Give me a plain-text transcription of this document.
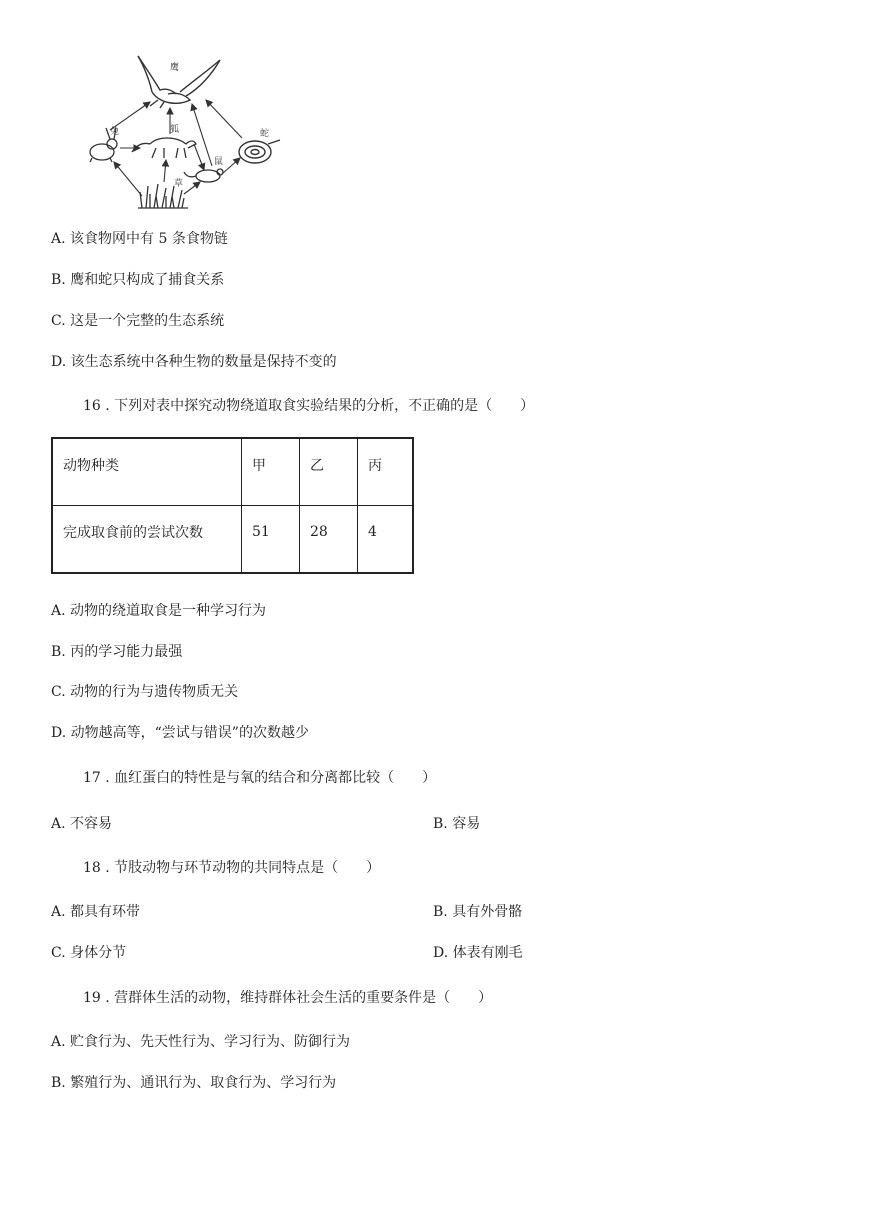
鹰
兔	狐	蛇
鼠
草
A. 该食物网中有 5 条食物链
B. 鹰和蛇只构成了捕食关系
C. 这是一个完整的生态系统
D. 该生态系统中各种生物的数量是保持不变的
16 . 下列对表中探究动物绕道取食实验结果的分析，不正确的是（　　）
动物种类	甲	乙	丙
完成取食前的尝试次数	51	28	4
A. 动物的绕道取食是一种学习行为
B. 丙的学习能力最强
C. 动物的行为与遗传物质无关
D. 动物越高等，“尝试与错误”的次数越少
17 . 血红蛋白的特性是与氧的结合和分离都比较（　　）
A. 不容易	B. 容易
18 . 节肢动物与环节动物的共同特点是（　　）
A. 都具有环带	B. 具有外骨骼
C. 身体分节	D. 体表有刚毛
19 . 营群体生活的动物，维持群体社会生活的重要条件是（　　）
A. 贮食行为、先天性行为、学习行为、防御行为
B. 繁殖行为、通讯行为、取食行为、学习行为
